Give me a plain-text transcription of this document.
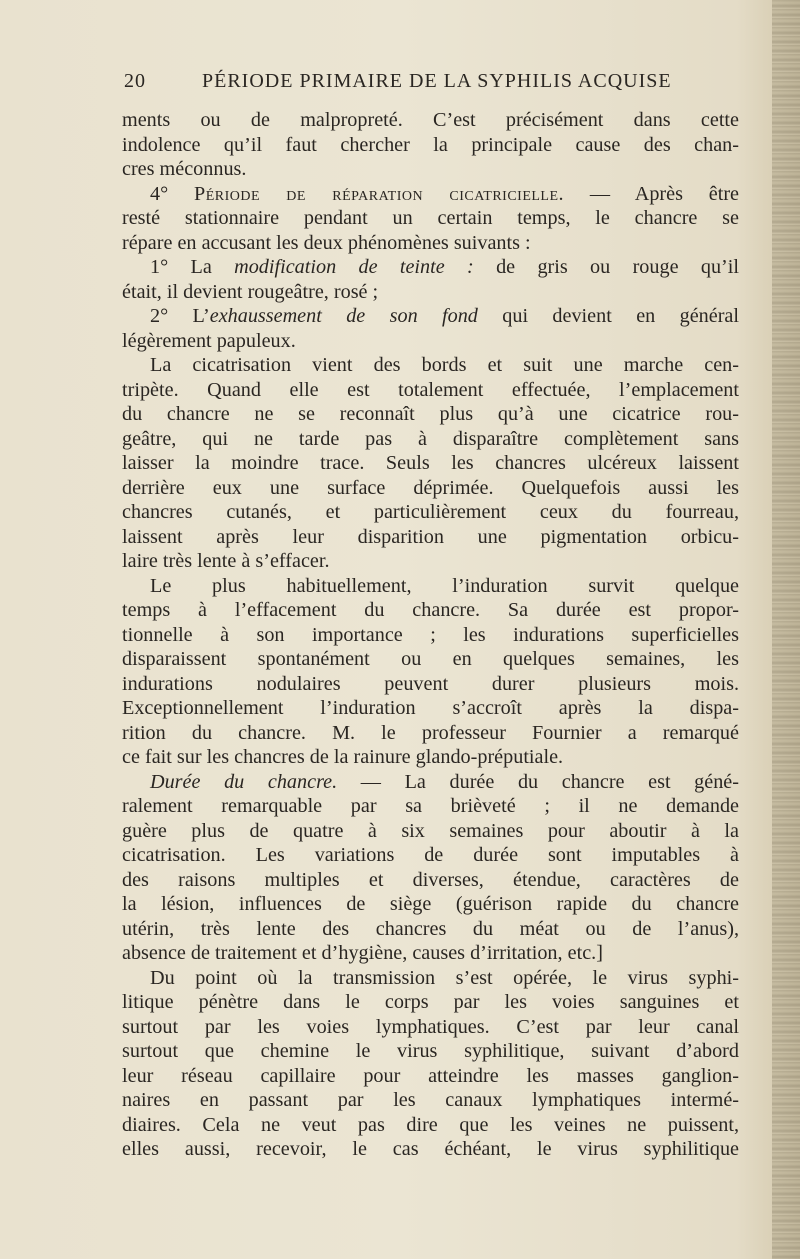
20	PÉRIODE PRIMAIRE DE LA SYPHILIS ACQUISE
ments ou de malpropreté. C’est précisément dans cette
indolence qu’il faut chercher la principale cause des chan-
cres méconnus.
4° Période de réparation cicatricielle. — Après être
resté stationnaire pendant un certain temps, le chancre se
répare en accusant les deux phénomènes suivants :
1° La modification de teinte : de gris ou rouge qu’il
était, il devient rougeâtre, rosé ;
2° L’exhaussement de son fond qui devient en général
légèrement papuleux.
La cicatrisation vient des bords et suit une marche cen-
tripète. Quand elle est totalement effectuée, l’emplacement
du chancre ne se reconnaît plus qu’à une cicatrice rou-
geâtre, qui ne tarde pas à disparaître complètement sans
laisser la moindre trace. Seuls les chancres ulcéreux laissent
derrière eux une surface déprimée. Quelquefois aussi les
chancres cutanés, et particulièrement ceux du fourreau,
laissent après leur disparition une pigmentation orbicu-
laire très lente à s’effacer.
Le plus habituellement, l’induration survit quelque
temps à l’effacement du chancre. Sa durée est propor-
tionnelle à son importance ; les indurations superficielles
disparaissent spontanément ou en quelques semaines, les
indurations nodulaires peuvent durer plusieurs mois.
Exceptionnellement l’induration s’accroît après la dispa-
rition du chancre. M. le professeur Fournier a remarqué
ce fait sur les chancres de la rainure glando-préputiale.
Durée du chancre. — La durée du chancre est géné-
ralement remarquable par sa brièveté ; il ne demande
guère plus de quatre à six semaines pour aboutir à la
cicatrisation. Les variations de durée sont imputables à
des raisons multiples et diverses, étendue, caractères de
la lésion, influences de siège (guérison rapide du chancre
utérin, très lente des chancres du méat ou de l’anus),
absence de traitement et d’hygiène, causes d’irritation, etc.]
Du point où la transmission s’est opérée, le virus syphi-
litique pénètre dans le corps par les voies sanguines et
surtout par les voies lymphatiques. C’est par leur canal
surtout que chemine le virus syphilitique, suivant d’abord
leur réseau capillaire pour atteindre les masses ganglion-
naires en passant par les canaux lymphatiques intermé-
diaires. Cela ne veut pas dire que les veines ne puissent,
elles aussi, recevoir, le cas échéant, le virus syphilitique
